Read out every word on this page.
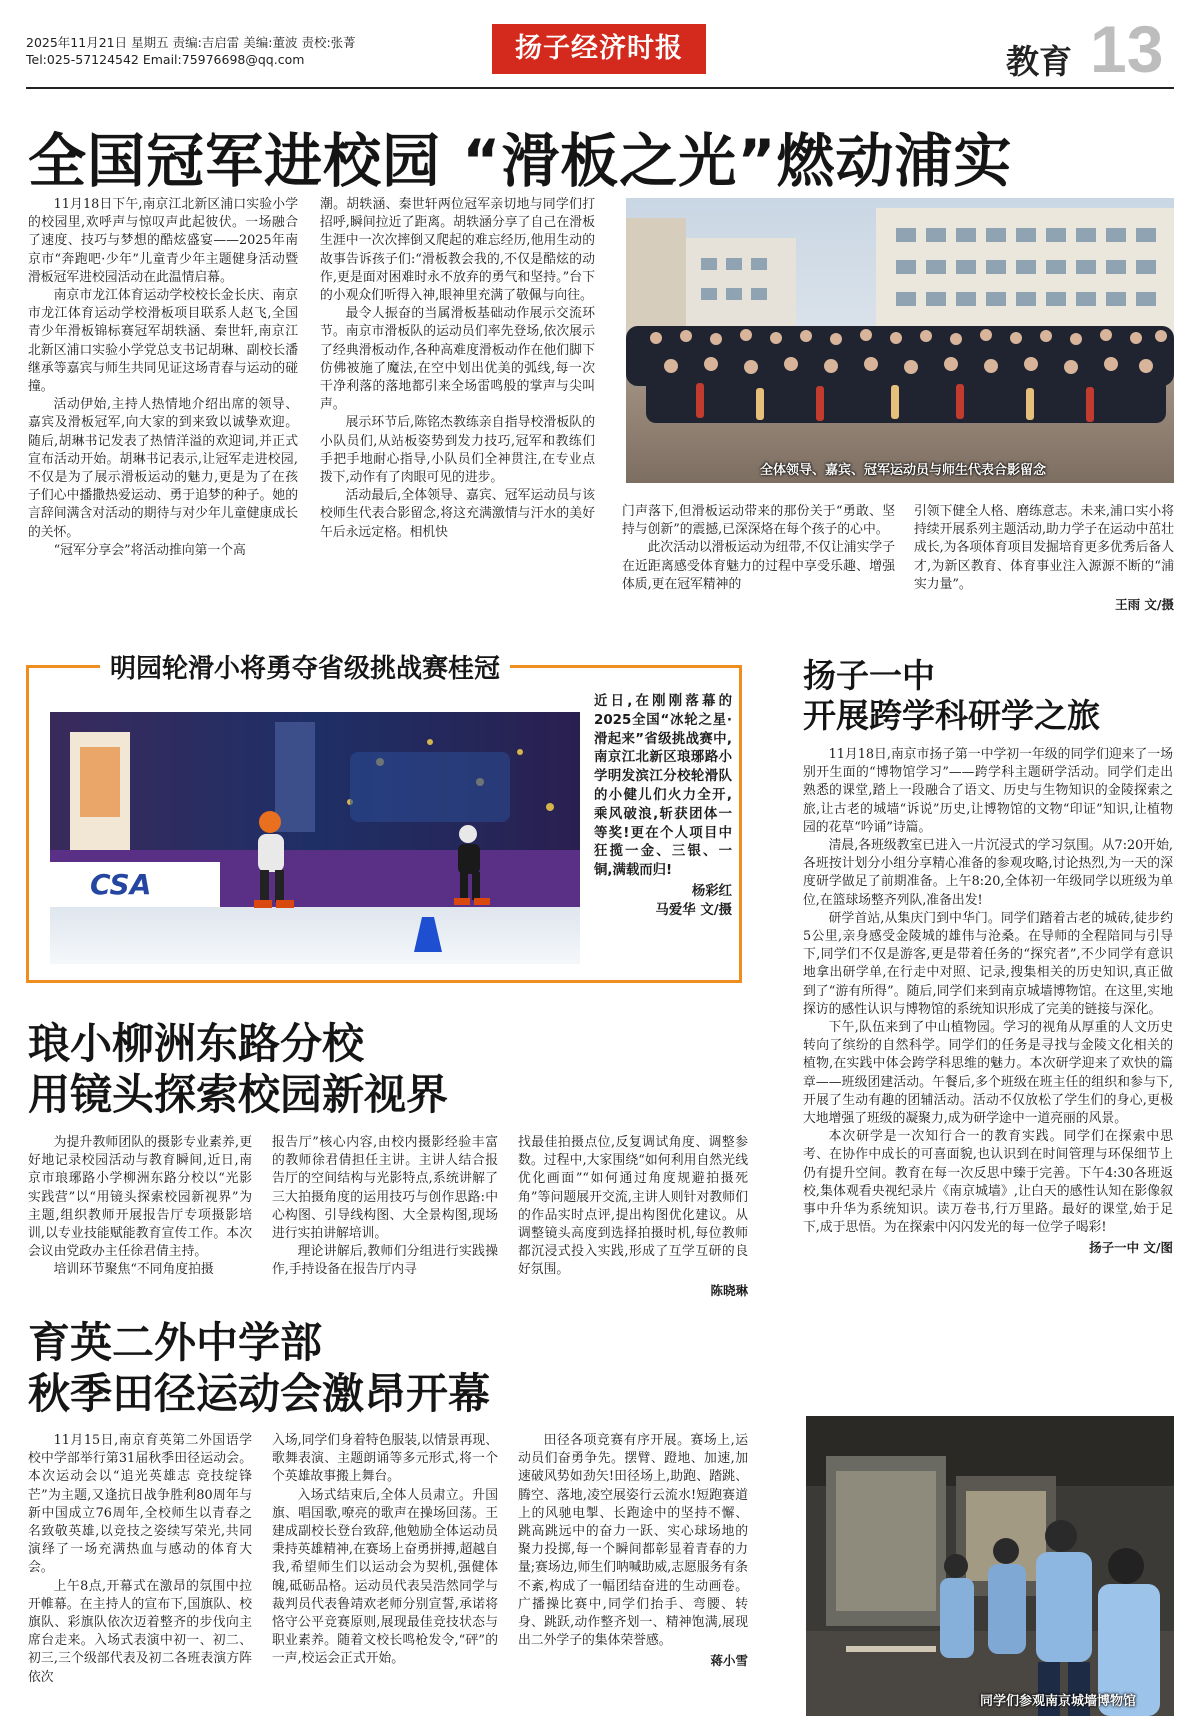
2025年11月21日 星期五 责编:吉启雷 美编:董波 责校:张菁
Tel:025-57124542 Email:75976698@qq.com	扬子经济时报	教育 13
全国冠军进校园 “滑板之光”燃动浦实

11月18日下午,南京江北新区浦口实验小学的校园里,欢呼声与惊叹声此起彼伏。一场融合了速度、技巧与梦想的酷炫盛宴——2025年南京市“奔跑吧·少年”儿童青少年主题健身活动暨滑板冠军进校园活动在此温情启幕。

南京市龙江体育运动学校校长金长庆、南京市龙江体育运动学校滑板项目联系人赵飞,全国青少年滑板锦标赛冠军胡轶涵、秦世轩,南京江北新区浦口实验小学党总支书记胡琳、副校长潘继承等嘉宾与师生共同见证这场青春与运动的碰撞。

活动伊始,主持人热情地介绍出席的领导、嘉宾及滑板冠军,向大家的到来致以诚挚欢迎。随后,胡琳书记发表了热情洋溢的欢迎词,并正式宣布活动开始。胡琳书记表示,让冠军走进校园,不仅是为了展示滑板运动的魅力,更是为了在孩子们心中播撒热爱运动、勇于追梦的种子。她的言辞间满含对活动的期待与对少年儿童健康成长的关怀。

“冠军分享会”将活动推向第一个高

潮。胡轶涵、秦世轩两位冠军亲切地与同学们打招呼,瞬间拉近了距离。胡轶涵分享了自己在滑板生涯中一次次摔倒又爬起的难忘经历,他用生动的故事告诉孩子们:“滑板教会我的,不仅是酷炫的动作,更是面对困难时永不放弃的勇气和坚持。”台下的小观众们听得入神,眼神里充满了敬佩与向往。

最令人振奋的当属滑板基础动作展示交流环节。南京市滑板队的运动员们率先登场,依次展示了经典滑板动作,各种高难度滑板动作在他们脚下仿佛被施了魔法,在空中划出优美的弧线,每一次干净利落的落地都引来全场雷鸣般的掌声与尖叫声。

展示环节后,陈铭杰教练亲自指导校滑板队的小队员们,从站板姿势到发力技巧,冠军和教练们手把手地耐心指导,小队员们全神贯注,在专业点拨下,动作有了肉眼可见的进步。

活动最后,全体领导、嘉宾、冠军运动员与该校师生代表合影留念,将这充满激情与汗水的美好午后永远定格。相机快

全体领导、嘉宾、冠军运动员与师生代表合影留念

门声落下,但滑板运动带来的那份关于“勇敢、坚持与创新”的震撼,已深深烙在每个孩子的心中。

此次活动以滑板运动为纽带,不仅让浦实学子在近距离感受体育魅力的过程中享受乐趣、增强体质,更在冠军精神的

引领下健全人格、磨练意志。未来,浦口实小将持续开展系列主题活动,助力学子在运动中茁壮成长,为各项体育项目发掘培育更多优秀后备人才,为新区教育、体育事业注入源源不断的“浦实力量”。

王雨 文/摄
明园轮滑小将勇夺省级挑战赛桂冠
CSA
近日,在刚刚落幕的2025全国“冰轮之星·滑起来”省级挑战赛中,南京江北新区琅琊路小学明发滨江分校轮滑队的小健儿们火力全开,乘风破浪,斩获团体一等奖!更在个人项目中狂揽一金、三银、一铜,满载而归!
杨彩红
马爱华 文/摄
扬子一中
开展跨学科研学之旅

11月18日,南京市扬子第一中学初一年级的同学们迎来了一场别开生面的“博物馆学习”——跨学科主题研学活动。同学们走出熟悉的课堂,踏上一段融合了语文、历史与生物知识的金陵探索之旅,让古老的城墙“诉说”历史,让博物馆的文物“印证”知识,让植物园的花草“吟诵”诗篇。

清晨,各班级教室已进入一片沉浸式的学习氛围。从7:20开始,各班按计划分小组分享精心准备的参观攻略,讨论热烈,为一天的深度研学做足了前期准备。上午8:20,全体初一年级同学以班级为单位,在篮球场整齐列队,准备出发!

研学首站,从集庆门到中华门。同学们踏着古老的城砖,徒步约5公里,亲身感受金陵城的雄伟与沧桑。在导师的全程陪同与引导下,同学们不仅是游客,更是带着任务的“探究者”,不少同学有意识地拿出研学单,在行走中对照、记录,搜集相关的历史知识,真正做到了“游有所得”。随后,同学们来到南京城墙博物馆。在这里,实地探访的感性认识与博物馆的系统知识形成了完美的链接与深化。

下午,队伍来到了中山植物园。学习的视角从厚重的人文历史转向了缤纷的自然科学。同学们的任务是寻找与金陵文化相关的植物,在实践中体会跨学科思维的魅力。本次研学迎来了欢快的篇章——班级团建活动。午餐后,多个班级在班主任的组织和参与下,开展了生动有趣的团辅活动。活动不仅放松了学生们的身心,更极大地增强了班级的凝聚力,成为研学途中一道亮丽的风景。

本次研学是一次知行合一的教育实践。同学们在探索中思考、在协作中成长的可喜面貌,也认识到在时间管理与环保细节上仍有提升空间。教育在每一次反思中臻于完善。下午4:30各班返校,集体观看央视纪录片《南京城墙》,让白天的感性认知在影像叙事中升华为系统知识。读万卷书,行万里路。最好的课堂,始于足下,成于思悟。为在探索中闪闪发光的每一位学子喝彩!

扬子一中 文/图
同学们参观南京城墙博物馆
琅小柳洲东路分校
用镜头探索校园新视界

为提升教师团队的摄影专业素养,更好地记录校园活动与教育瞬间,近日,南京市琅琊路小学柳洲东路分校以“光影实践营”以“用镜头探索校园新视界”为主题,组织教师开展报告厅专项摄影培训,以专业技能赋能教育宣传工作。本次会议由党政办主任徐君倩主持。

培训环节聚焦“不同角度拍摄

报告厅”核心内容,由校内摄影经验丰富的教师徐君倩担任主讲。主讲人结合报告厅的空间结构与光影特点,系统讲解了三大拍摄角度的运用技巧与创作思路:中心构图、引导线构图、大全景构图,现场进行实拍讲解培训。

理论讲解后,教师们分组进行实践操作,手持设备在报告厅内寻

找最佳拍摄点位,反复调试角度、调整参数。过程中,大家围绕“如何利用自然光线优化画面”“如何通过角度规避拍摄死角”等问题展开交流,主讲人则针对教师们的作品实时点评,提出构图优化建议。从调整镜头高度到选择拍摄时机,每位教师都沉浸式投入实践,形成了互学互研的良好氛围。

陈晓琳
育英二外中学部
秋季田径运动会激昂开幕

11月15日,南京育英第二外国语学校中学部举行第31届秋季田径运动会。本次运动会以“追光英雄志 竞技绽锋芒”为主题,又逢抗日战争胜利80周年与新中国成立76周年,全校师生以青春之名致敬英雄,以竞技之姿续写荣光,共同演绎了一场充满热血与感动的体育大会。

上午8点,开幕式在激昂的氛围中拉开帷幕。在主持人的宣布下,国旗队、校旗队、彩旗队依次迈着整齐的步伐向主席台走来。入场式表演中初一、初二、初三,三个级部代表及初二各班表演方阵依次

入场,同学们身着特色服装,以情景再现、歌舞表演、主题朗诵等多元形式,将一个个英雄故事搬上舞台。

入场式结束后,全体人员肃立。升国旗、唱国歌,嘹亮的歌声在操场回荡。王建成副校长登台致辞,他勉励全体运动员秉持英雄精神,在赛场上奋勇拼搏,超越自我,希望师生们以运动会为契机,强健体魄,砥砺品格。运动员代表吴浩然同学与裁判员代表鲁靖欢老师分别宣誓,承诺将恪守公平竞赛原则,展现最佳竞技状态与职业素养。随着文校长鸣枪发令,“砰”的一声,校运会正式开始。

田径各项竞赛有序开展。赛场上,运动员们奋勇争先。摆臂、蹬地、加速,加速破风势如劲矢!田径场上,助跑、踏跳、腾空、落地,凌空展姿行云流水!短跑赛道上的风驰电掣、长跑途中的坚持不懈、跳高跳远中的奋力一跃、实心球场地的聚力投掷,每一个瞬间都彰显着青春的力量;赛场边,师生们呐喊助威,志愿服务有条不紊,构成了一幅团结奋进的生动画卷。广播操比赛中,同学们抬手、弯腰、转身、跳跃,动作整齐划一、精神饱满,展现出二外学子的集体荣誉感。

蒋小雪
